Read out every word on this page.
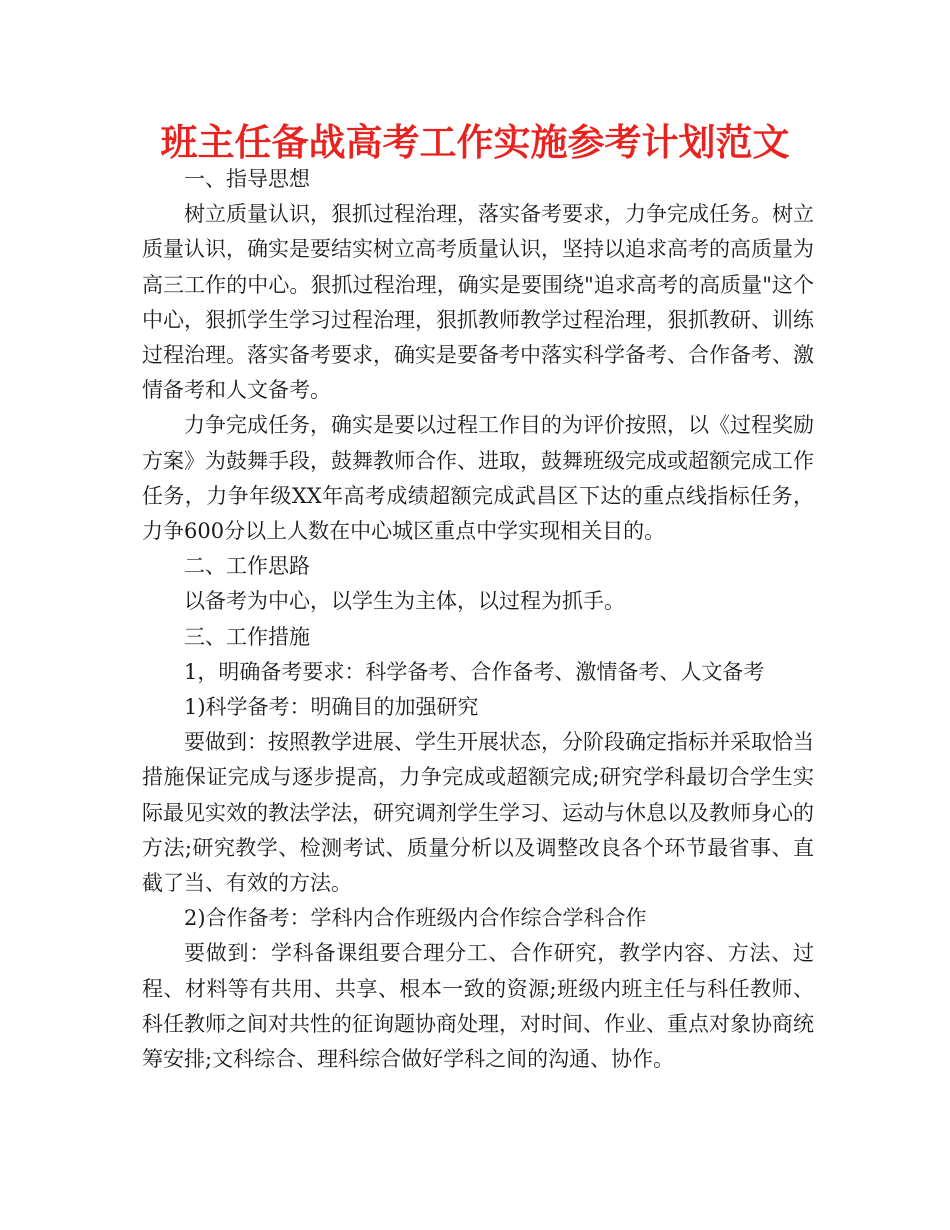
班主任备战高考工作实施参考计划范文

一、指导思想

树立质量认识，狠抓过程治理，落实备考要求，力争完成任务。树立质量认识，确实是要结实树立高考质量认识，坚持以追求高考的高质量为高三工作的中心。狠抓过程治理，确实是要围绕"追求高考的高质量"这个中心，狠抓学生学习过程治理，狠抓教师教学过程治理，狠抓教研、训练过程治理。落实备考要求，确实是要备考中落实科学备考、合作备考、激情备考和人文备考。

力争完成任务，确实是要以过程工作目的为评价按照，以《过程奖励方案》为鼓舞手段，鼓舞教师合作、进取，鼓舞班级完成或超额完成工作任务，力争年级XX年高考成绩超额完成武昌区下达的重点线指标任务，力争600分以上人数在中心城区重点中学实现相关目的。

二、工作思路

以备考为中心，以学生为主体，以过程为抓手。

三、工作措施

1，明确备考要求：科学备考、合作备考、激情备考、人文备考

1)科学备考：明确目的加强研究

要做到：按照教学进展、学生开展状态，分阶段确定指标并采取恰当措施保证完成与逐步提高，力争完成或超额完成;研究学科最切合学生实际最见实效的教法学法，研究调剂学生学习、运动与休息以及教师身心的方法;研究教学、检测考试、质量分析以及调整改良各个环节最省事、直截了当、有效的方法。

2)合作备考：学科内合作班级内合作综合学科合作

要做到：学科备课组要合理分工、合作研究，教学内容、方法、过程、材料等有共用、共享、根本一致的资源;班级内班主任与科任教师、科任教师之间对共性的征询题协商处理，对时间、作业、重点对象协商统筹安排;文科综合、理科综合做好学科之间的沟通、协作。
